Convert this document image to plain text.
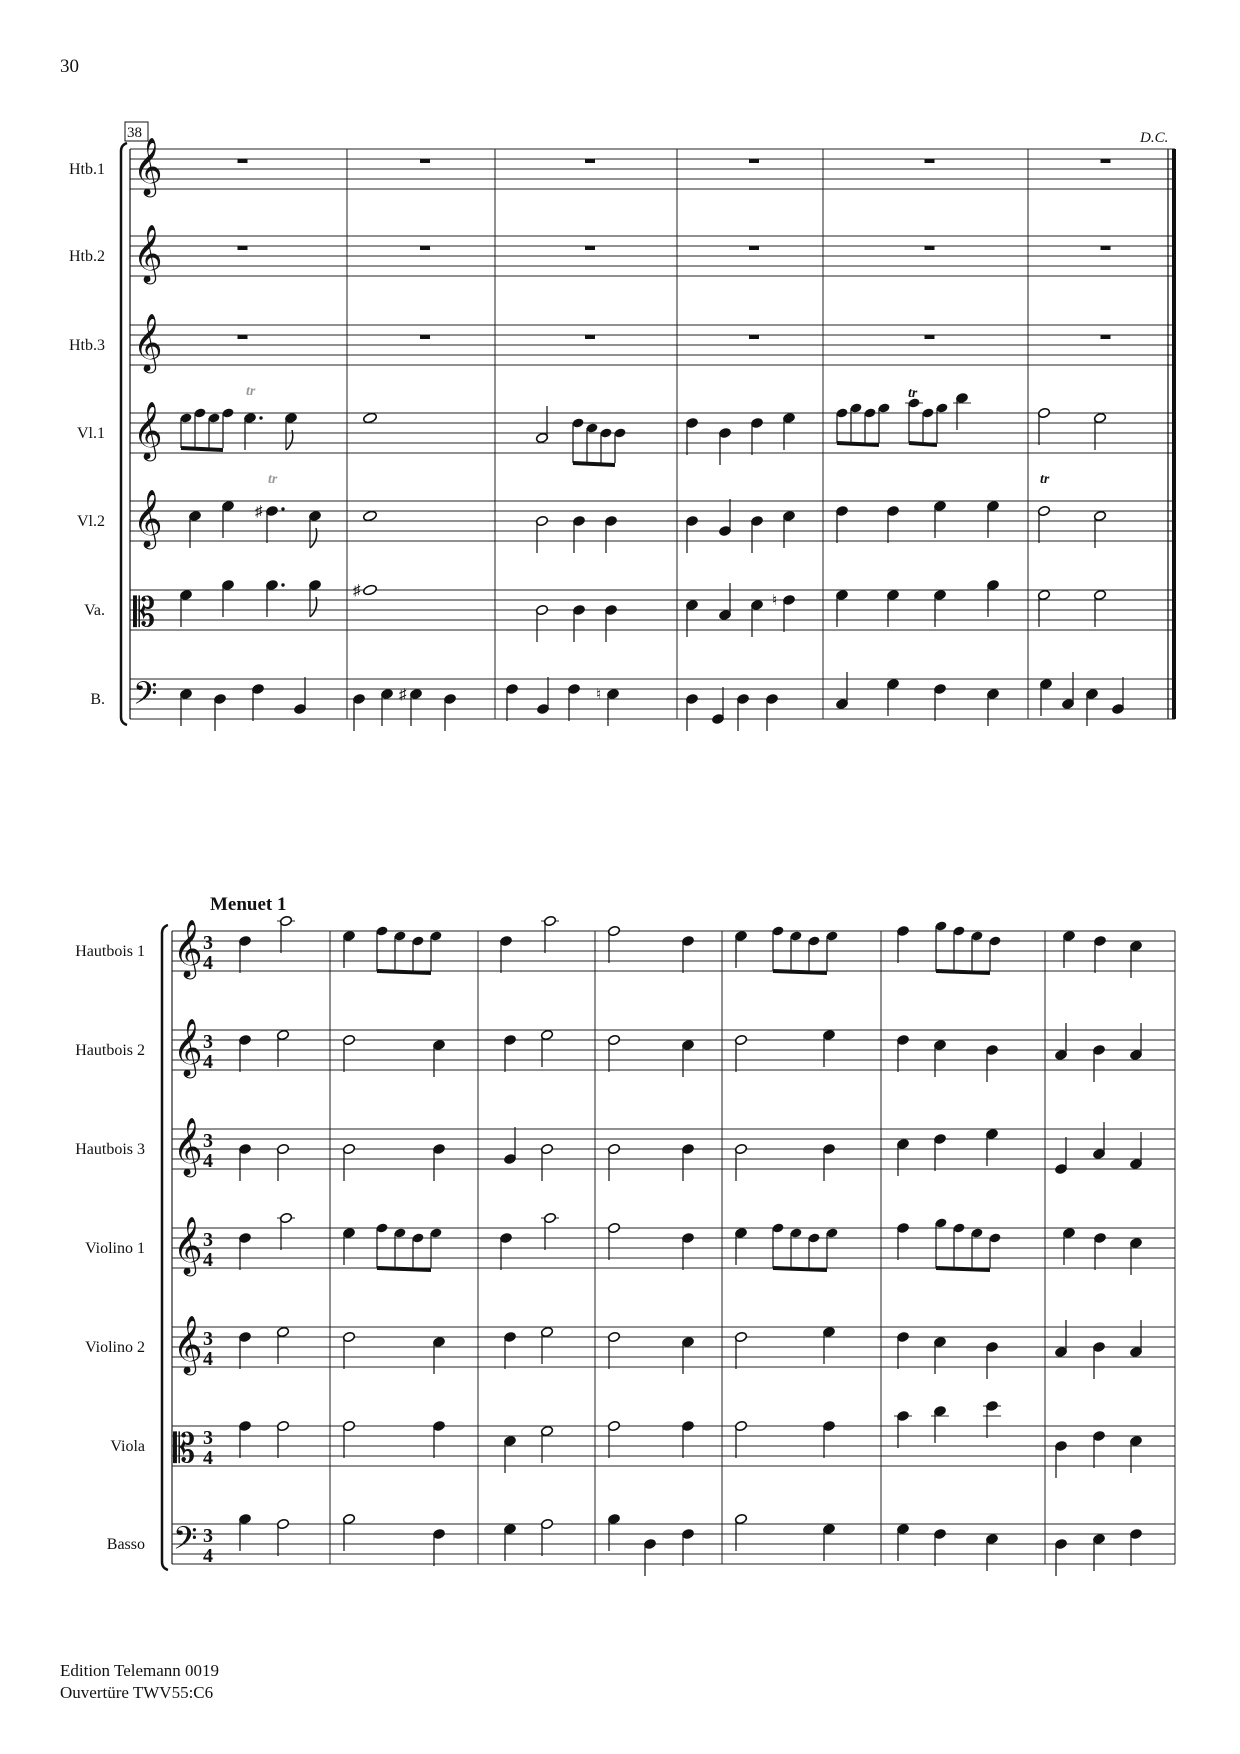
30
38	D.C.
Htb.1 𝄞
Htb.2 𝄞
Htb.3 𝄞
Vl.1 𝄞
Vl.2 𝄞
Va. 𝄡
B. 𝄢
tr	tr
♯
tr	tr
♯
♮
♯	♮
Menuet 1
Hautbois 1 𝄞 3
4
Hautbois 2 𝄞 3
4
Hautbois 3 𝄞 3
4
Violino 1 𝄞 3
4
Violino 2 𝄞 3
4
Viola 𝄡 3
4
Basso 𝄢 3
4
Edition Telemann 0019
Ouvertüre TWV55:C6
